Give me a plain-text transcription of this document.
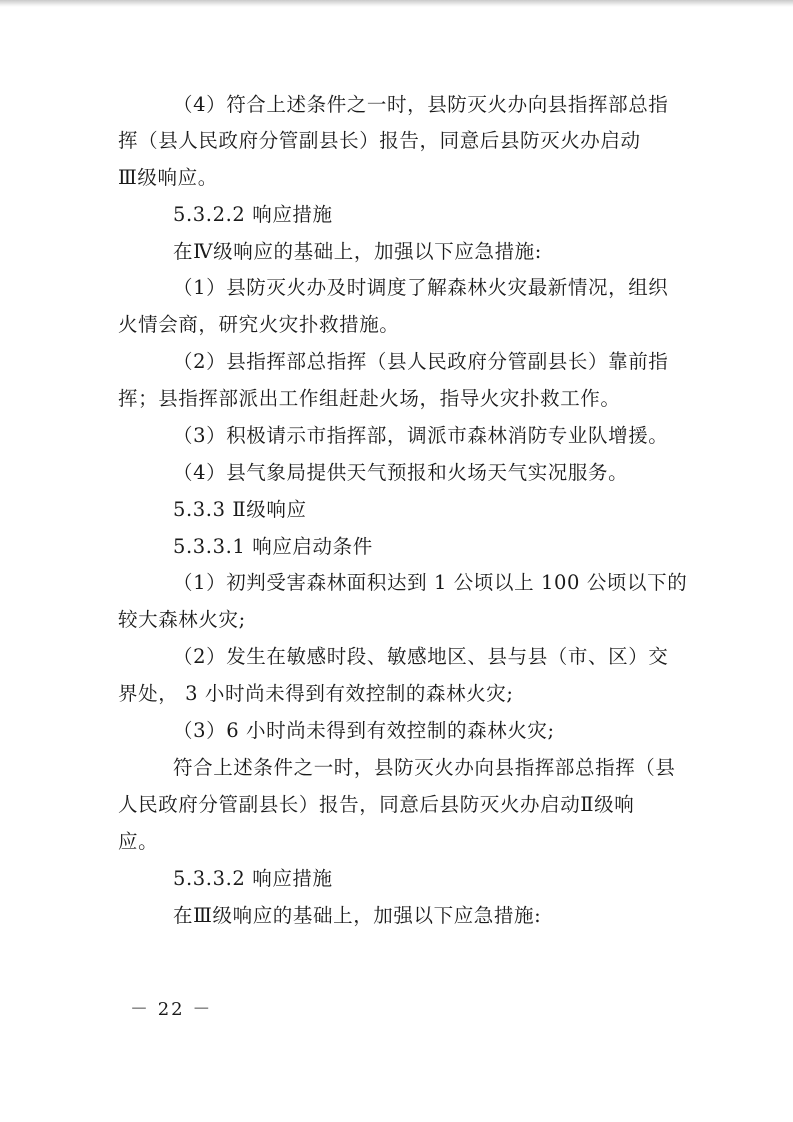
（4）符合上述条件之一时，县防灭火办向县指挥部总指
挥（县人民政府分管副县长）报告，同意后县防灭火办启动
Ⅲ级响应。
5.3.2.2 响应措施
在Ⅳ级响应的基础上，加强以下应急措施:
（1）县防灭火办及时调度了解森林火灾最新情况，组织
火情会商，研究火灾扑救措施。
（2）县指挥部总指挥（县人民政府分管副县长）靠前指
挥；县指挥部派出工作组赶赴火场，指导火灾扑救工作。
（3）积极请示市指挥部，调派市森林消防专业队增援。
（4）县气象局提供天气预报和火场天气实况服务。
5.3.3 Ⅱ级响应
5.3.3.1 响应启动条件
（1）初判受害森林面积达到 1 公顷以上 100 公顷以下的
较大森林火灾;
（2）发生在敏感时段、敏感地区、县与县（市、区）交
界处， 3 小时尚未得到有效控制的森林火灾;
（3）6 小时尚未得到有效控制的森林火灾;
符合上述条件之一时，县防灭火办向县指挥部总指挥（县
人民政府分管副县长）报告，同意后县防灭火办启动Ⅱ级响
应。
5.3.3.2 响应措施
在Ⅲ级响应的基础上，加强以下应急措施:
－ 22 －
